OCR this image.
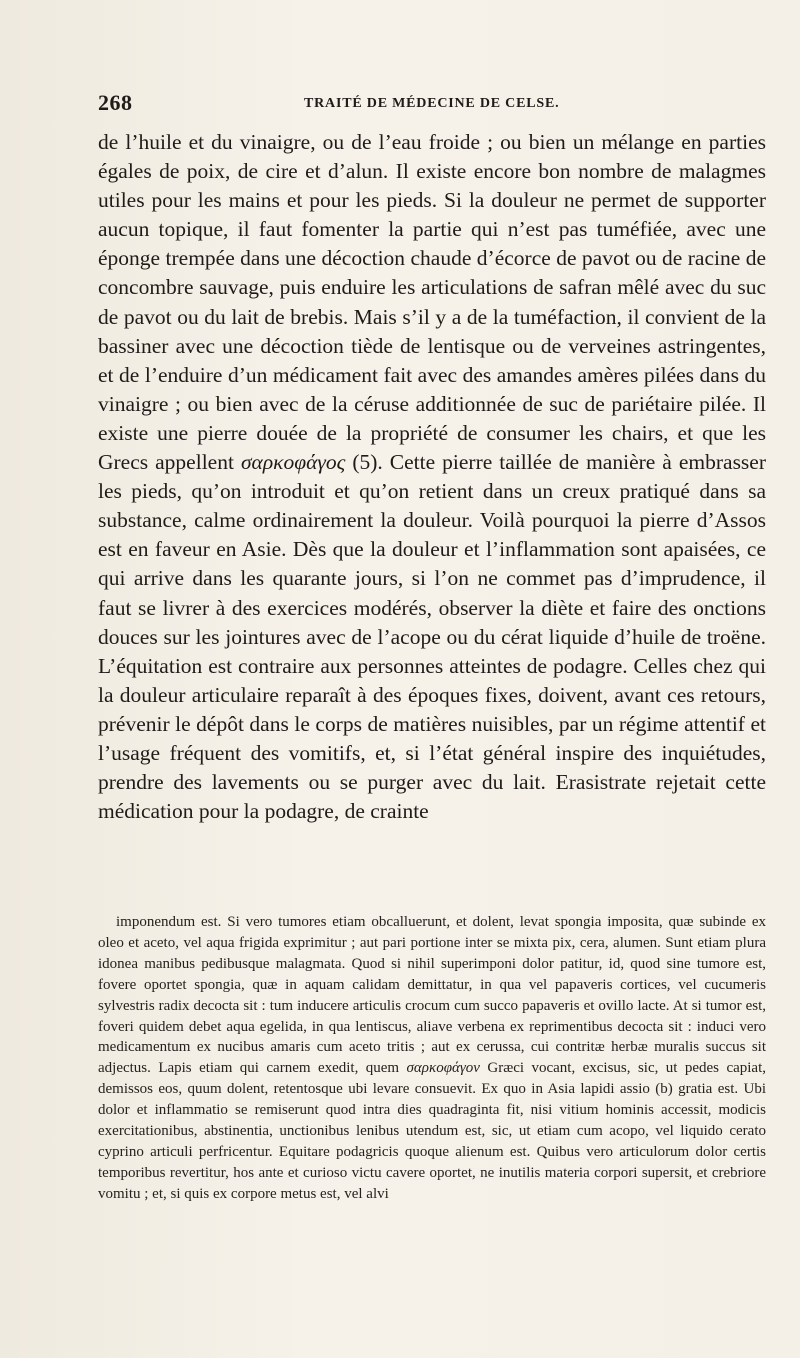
268	TRAITÉ DE MÉDECINE DE CELSE.

de l’huile et du vinaigre, ou de l’eau froide ; ou bien un mélange en parties égales de poix, de cire et d’alun. Il existe encore bon nombre de malagmes utiles pour les mains et pour les pieds. Si la douleur ne permet de supporter aucun topique, il faut fomenter la partie qui n’est pas tuméfiée, avec une éponge trempée dans une décoction chaude d’écorce de pavot ou de racine de concombre sauvage, puis enduire les articulations de safran mêlé avec du suc de pavot ou du lait de brebis. Mais s’il y a de la tuméfaction, il convient de la bassiner avec une décoction tiède de lentisque ou de verveines astringentes, et de l’enduire d’un médicament fait avec des amandes amères pilées dans du vinaigre ; ou bien avec de la céruse additionnée de suc de pariétaire pilée. Il existe une pierre douée de la propriété de consumer les chairs, et que les Grecs appellent σαρκοφάγος (5). Cette pierre taillée de manière à embrasser les pieds, qu’on introduit et qu’on retient dans un creux pratiqué dans sa substance, calme ordinairement la douleur. Voilà pourquoi la pierre d’Assos est en faveur en Asie. Dès que la douleur et l’inflammation sont apaisées, ce qui arrive dans les quarante jours, si l’on ne commet pas d’imprudence, il faut se livrer à des exercices modérés, observer la diète et faire des onctions douces sur les jointures avec de l’acope ou du cérat liquide d’huile de troëne. L’équitation est contraire aux personnes atteintes de podagre. Celles chez qui la douleur articulaire reparaît à des époques fixes, doivent, avant ces retours, prévenir le dépôt dans le corps de matières nuisibles, par un régime attentif et l’usage fréquent des vomitifs, et, si l’état général inspire des inquiétudes, prendre des lavements ou se purger avec du lait. Erasistrate rejetait cette médication pour la podagre, de crainte

imponendum est. Si vero tumores etiam obcalluerunt, et dolent, levat spongia imposita, quæ subinde ex oleo et aceto, vel aqua frigida exprimitur ; aut pari portione inter se mixta pix, cera, alumen. Sunt etiam plura idonea manibus pedibusque malagmata. Quod si nihil superimponi dolor patitur, id, quod sine tumore est, fovere oportet spongia, quæ in aquam calidam demittatur, in qua vel papaveris cortices, vel cucumeris sylvestris radix decocta sit : tum inducere articulis crocum cum succo papaveris et ovillo lacte. At si tumor est, foveri quidem debet aqua egelida, in qua lentiscus, aliave verbena ex reprimentibus decocta sit : induci vero medicamentum ex nucibus amaris cum aceto tritis ; aut ex cerussa, cui contritæ herbæ muralis succus sit adjectus. Lapis etiam qui carnem exedit, quem σαρκοφάγον Græci vocant, excisus, sic, ut pedes capiat, demissos eos, quum dolent, retentosque ubi levare consuevit. Ex quo in Asia lapidi assio (b) gratia est. Ubi dolor et inflammatio se remiserunt quod intra dies quadraginta fit, nisi vitium hominis accessit, modicis exercitationibus, abstinentia, unctionibus lenibus utendum est, sic, ut etiam cum acopo, vel liquido cerato cyprino articuli perfricentur. Equitare podagricis quoque alienum est. Quibus vero articulorum dolor certis temporibus revertitur, hos ante et curioso victu cavere oportet, ne inutilis materia corpori supersit, et crebriore vomitu ; et, si quis ex corpore metus est, vel alvi
